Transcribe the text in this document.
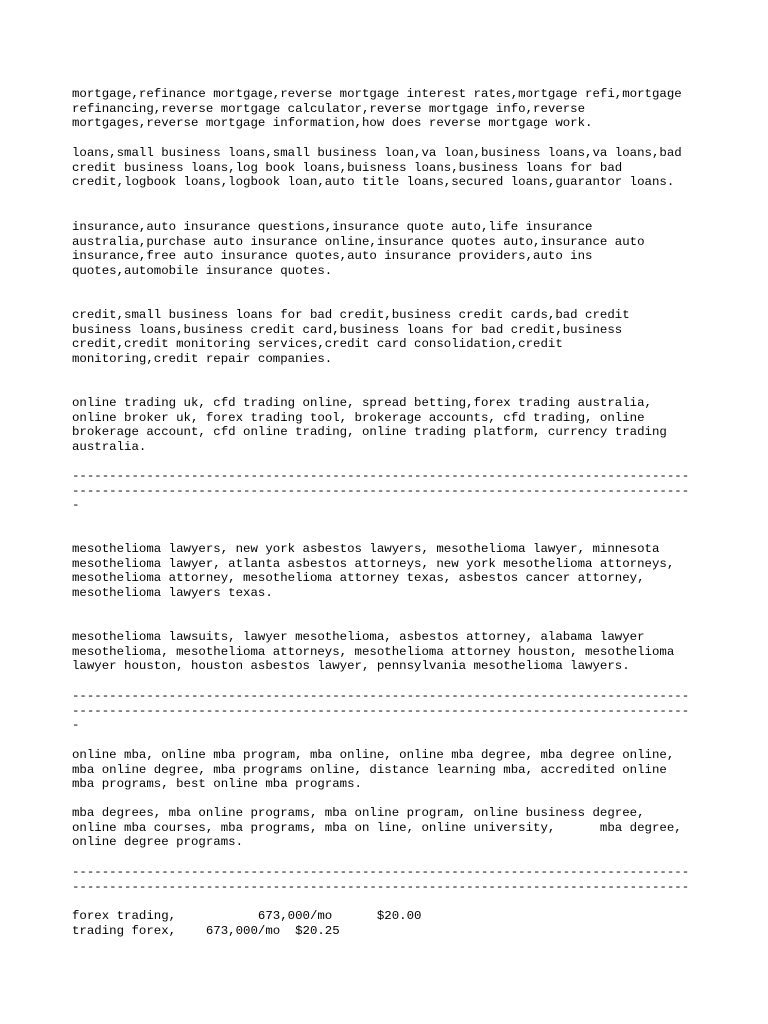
mortgage,refinance mortgage,reverse mortgage interest rates,mortgage refi,mortgage
refinancing,reverse mortgage calculator,reverse mortgage info,reverse
mortgages,reverse mortgage information,how does reverse mortgage work.

loans,small business loans,small business loan,va loan,business loans,va loans,bad
credit business loans,log book loans,buisness loans,business loans for bad
credit,logbook loans,logbook loan,auto title loans,secured loans,guarantor loans.

insurance,auto insurance questions,insurance quote auto,life insurance
australia,purchase auto insurance online,insurance quotes auto,insurance auto
insurance,free auto insurance quotes,auto insurance providers,auto ins
quotes,automobile insurance quotes.

credit,small business loans for bad credit,business credit cards,bad credit
business loans,business credit card,business loans for bad credit,business
credit,credit monitoring services,credit card consolidation,credit
monitoring,credit repair companies.

online trading uk, cfd trading online, spread betting,forex trading australia,
online broker uk, forex trading tool, brokerage accounts, cfd trading, online
brokerage account, cfd online trading, online trading platform, currency trading
australia.

-----------------------------------------------------------------------------------
-----------------------------------------------------------------------------------
-

mesothelioma lawyers, new york asbestos lawyers, mesothelioma lawyer, minnesota
mesothelioma lawyer, atlanta asbestos attorneys, new york mesothelioma attorneys,
mesothelioma attorney, mesothelioma attorney texas, asbestos cancer attorney,
mesothelioma lawyers texas.

mesothelioma lawsuits, lawyer mesothelioma, asbestos attorney, alabama lawyer
mesothelioma, mesothelioma attorneys, mesothelioma attorney houston, mesothelioma
lawyer houston, houston asbestos lawyer, pennsylvania mesothelioma lawyers.

-----------------------------------------------------------------------------------
-----------------------------------------------------------------------------------
-

online mba, online mba program, mba online, online mba degree, mba degree online,
mba online degree, mba programs online, distance learning mba, accredited online
mba programs, best online mba programs.

mba degrees, mba online programs, mba online program, online business degree,
online mba courses, mba programs, mba on line, online university,      mba degree,
online degree programs.

-----------------------------------------------------------------------------------
-----------------------------------------------------------------------------------

forex trading,           673,000/mo      $20.00
trading forex,    673,000/mo  $20.25
